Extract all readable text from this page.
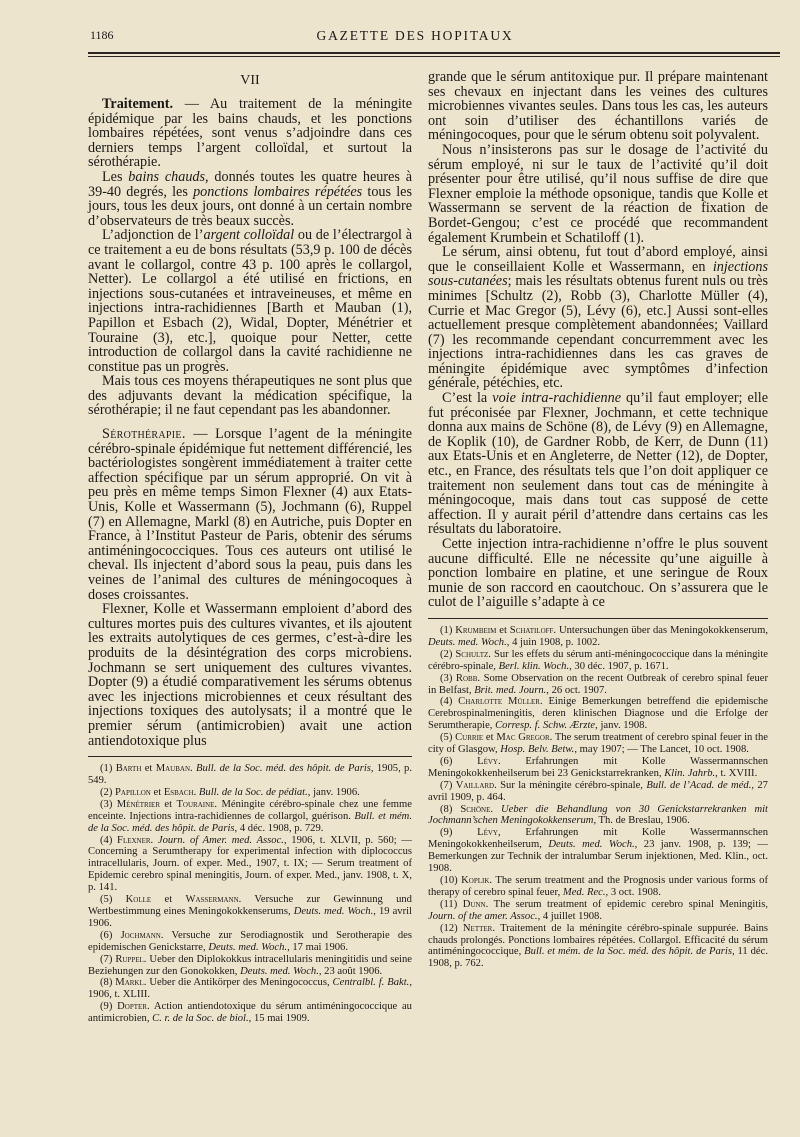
1186	GAZETTE DES HOPITAUX
VII

Traitement. — Au traitement de la méningite épidémique par les bains chauds, et les ponctions lombaires répétées, sont venus s’adjoindre dans ces derniers temps l’argent colloïdal, et surtout la sérothérapie.

Les bains chauds, donnés toutes les quatre heures à 39-40 degrés, les ponctions lombaires répétées tous les jours, tous les deux jours, ont donné à un certain nombre d’observateurs de très beaux succès.

L’adjonction de l’argent colloïdal ou de l’électrargol à ce traitement a eu de bons résultats (53,9 p. 100 de décès avant le collargol, contre 43 p. 100 après le collargol, Netter). Le collargol a été utilisé en frictions, en injections sous-cutanées et intraveineuses, et même en injections intra-rachidiennes [Barth et Mauban (1), Papillon et Esbach (2), Widal, Dopter, Ménétrier et Touraine (3), etc.], quoique pour Netter, cette introduction de collargol dans la cavité rachidienne ne constitue pas un progrès.

Mais tous ces moyens thérapeutiques ne sont plus que des adjuvants devant la médication spécifique, la sérothérapie; il ne faut cependant pas les abandonner.

Sérothérapie. — Lorsque l’agent de la méningite cérébro-spinale épidémique fut nettement différencié, les bactériologistes songèrent immédiatement à traiter cette affection spécifique par un sérum approprié. On vit à peu près en même temps Simon Flexner (4) aux Etats-Unis, Kolle et Wassermann (5), Jochmann (6), Ruppel (7) en Allemagne, Markl (8) en Autriche, puis Dopter en France, à l’Institut Pasteur de Paris, obtenir des sérums antiméningococciques. Tous ces auteurs ont utilisé le cheval. Ils injectent d’abord sous la peau, puis dans les veines de l’animal des cultures de méningocoques à doses croissantes.

Flexner, Kolle et Wassermann emploient d’abord des cultures mortes puis des cultures vivantes, et ils ajoutent les extraits autolytiques de ces germes, c’est-à-dire les produits de la désintégration des corps microbiens. Jochmann se sert uniquement des cultures vivantes. Dopter (9) a étudié comparativement les sérums obtenus avec les injections microbiennes et ceux résultant des injections toxiques des autolysats; il a montré que le premier sérum (antimicrobien) avait une action antiendotoxique plus

(1) Barth et Mauban. Bull. de la Soc. méd. des hôpit. de Paris, 1905, p. 549.

(2) Papillon et Esbach. Bull. de la Soc. de pédiat., janv. 1906.

(3) Ménétrier et Touraine. Méningite cérébro-spinale chez une femme enceinte. Injections intra-rachidiennes de collargol, guérison. Bull. et mém. de la Soc. méd. des hôpit. de Paris, 4 déc. 1908, p. 729.

(4) Flexner. Journ. of Amer. med. Assoc., 1906, t. XLVII, p. 560; — Concerning a Serumtherapy for experimental infection with diplococcus intracellularis, Journ. of exper. Med., 1907, t. IX; — Serum treatment of Epidemic cerebro spinal meningitis, Journ. of exper. Med., janv. 1908, t. X, p. 141.

(5) Kolle et Wassermann. Versuche zur Gewinnung und Wertbestimmung eines Meningokokkenserums, Deuts. med. Woch., 19 avril 1906.

(6) Jochmann. Versuche zur Serodiagnostik und Serotherapie des epidemischen Genickstarre, Deuts. med. Woch., 17 mai 1906.

(7) Ruppel. Ueber den Diplokokkus intracellularis meningitidis und seine Beziehungen zur den Gonokokken, Deuts. med. Woch., 23 août 1906.

(8) Markl. Ueber die Antikörper des Meningococcus, Centralbl. f. Bakt., 1906, t. XLIII.

(9) Dopter. Action antiendotoxique du sérum antiméningococcique au antimicrobien, C. r. de la Soc. de biol., 15 mai 1909.

grande que le sérum antitoxique pur. Il prépare maintenant ses chevaux en injectant dans les veines des cultures microbiennes vivantes seules. Dans tous les cas, les auteurs ont soin d’utiliser des échantillons variés de méningocoques, pour que le sérum obtenu soit polyvalent.

Nous n’insisterons pas sur le dosage de l’activité du sérum employé, ni sur le taux de l’activité qu’il doit présenter pour être utilisé, qu’il nous suffise de dire que Flexner emploie la méthode opsonique, tandis que Kolle et Wassermann se servent de la réaction de fixation de Bordet-Gengou; c’est ce procédé que recommandent également Krumbein et Schatiloff (1).

Le sérum, ainsi obtenu, fut tout d’abord employé, ainsi que le conseillaient Kolle et Wassermann, en injections sous-cutanées; mais les résultats obtenus furent nuls ou très minimes [Schultz (2), Robb (3), Charlotte Müller (4), Currie et Mac Gregor (5), Lévy (6), etc.] Aussi sont-elles actuellement presque complètement abandonnées; Vaillard (7) les recommande cependant concurremment avec les injections intra-rachidiennes dans les cas graves de méningite épidémique avec symptômes d’infection générale, pétéchies, etc.

C’est la voie intra-rachidienne qu’il faut employer; elle fut préconisée par Flexner, Jochmann, et cette technique donna aux mains de Schöne (8), de Lévy (9) en Allemagne, de Koplik (10), de Gardner Robb, de Kerr, de Dunn (11) aux Etats-Unis et en Angleterre, de Netter (12), de Dopter, etc., en France, des résultats tels que l’on doit appliquer ce traitement non seulement dans tout cas de méningite à méningocoque, mais dans tout cas supposé de cette affection. Il y aurait péril d’attendre dans certains cas les résultats du laboratoire.

Cette injection intra-rachidienne n’offre le plus souvent aucune difficulté. Elle ne nécessite qu’une aiguille à ponction lombaire en platine, et une seringue de Roux munie de son raccord en caoutchouc. On s’assurera que le culot de l’aiguille s’adapte à ce

(1) Krumbeim et Schatiloff. Untersuchungen über das Meningokokkenserum, Deuts. med. Woch., 4 juin 1908, p. 1002.

(2) Schultz. Sur les effets du sérum anti-méningococcique dans la méningite cérébro-spinale, Berl. klin. Woch., 30 déc. 1907, p. 1671.

(3) Robb. Some Observation on the recent Outbreak of cerebro spinal feuer in Belfast, Brit. med. Journ., 26 oct. 1907.

(4) Charlotte Müller. Einige Bemerkungen betreffend die epidemische Cerebrospinalmeningitis, deren klinischen Diagnose und die Erfolge der Serumtherapie, Corresp. f. Schw. Ærzte, janv. 1908.

(5) Currie et Mac Gregor. The serum treatment of cerebro spinal feuer in the city of Glasgow, Hosp. Belv. Betw., may 1907; — The Lancet, 10 oct. 1908.

(6) Lévy. Erfahrungen mit Kolle Wassermannschen Meningokokkenheilserum bei 23 Genickstarrekranken, Klin. Jahrb., t. XVIII.

(7) Vaillard. Sur la méningite cérébro-spinale, Bull. de l’Acad. de méd., 27 avril 1909, p. 464.

(8) Schöne. Ueber die Behandlung von 30 Genickstarrekranken mit Jochmann’schen Meningokokkenserum, Th. de Breslau, 1906.

(9) Lévy, Erfahrungen mit Kolle Wassermannschen Meningokokkenheilserum, Deuts. med. Woch., 23 janv. 1908, p. 139; — Bemerkungen zur Technik der intralumbar Serum injektionen, Med. Klin., oct. 1908.

(10) Koplik. The serum treatment and the Prognosis under various forms of therapy of cerebro spinal feuer, Med. Rec., 3 oct. 1908.

(11) Dunn. The serum treatment of epidemic cerebro spinal Meningitis, Journ. of the amer. Assoc., 4 juillet 1908.

(12) Netter. Traitement de la méningite cérébro-spinale suppurée. Bains chauds prolongés. Ponctions lombaires répétées. Collargol. Efficacité du sérum antiméningococcique, Bull. et mém. de la Soc. méd. des hôpit. de Paris, 11 déc. 1908, p. 762.
